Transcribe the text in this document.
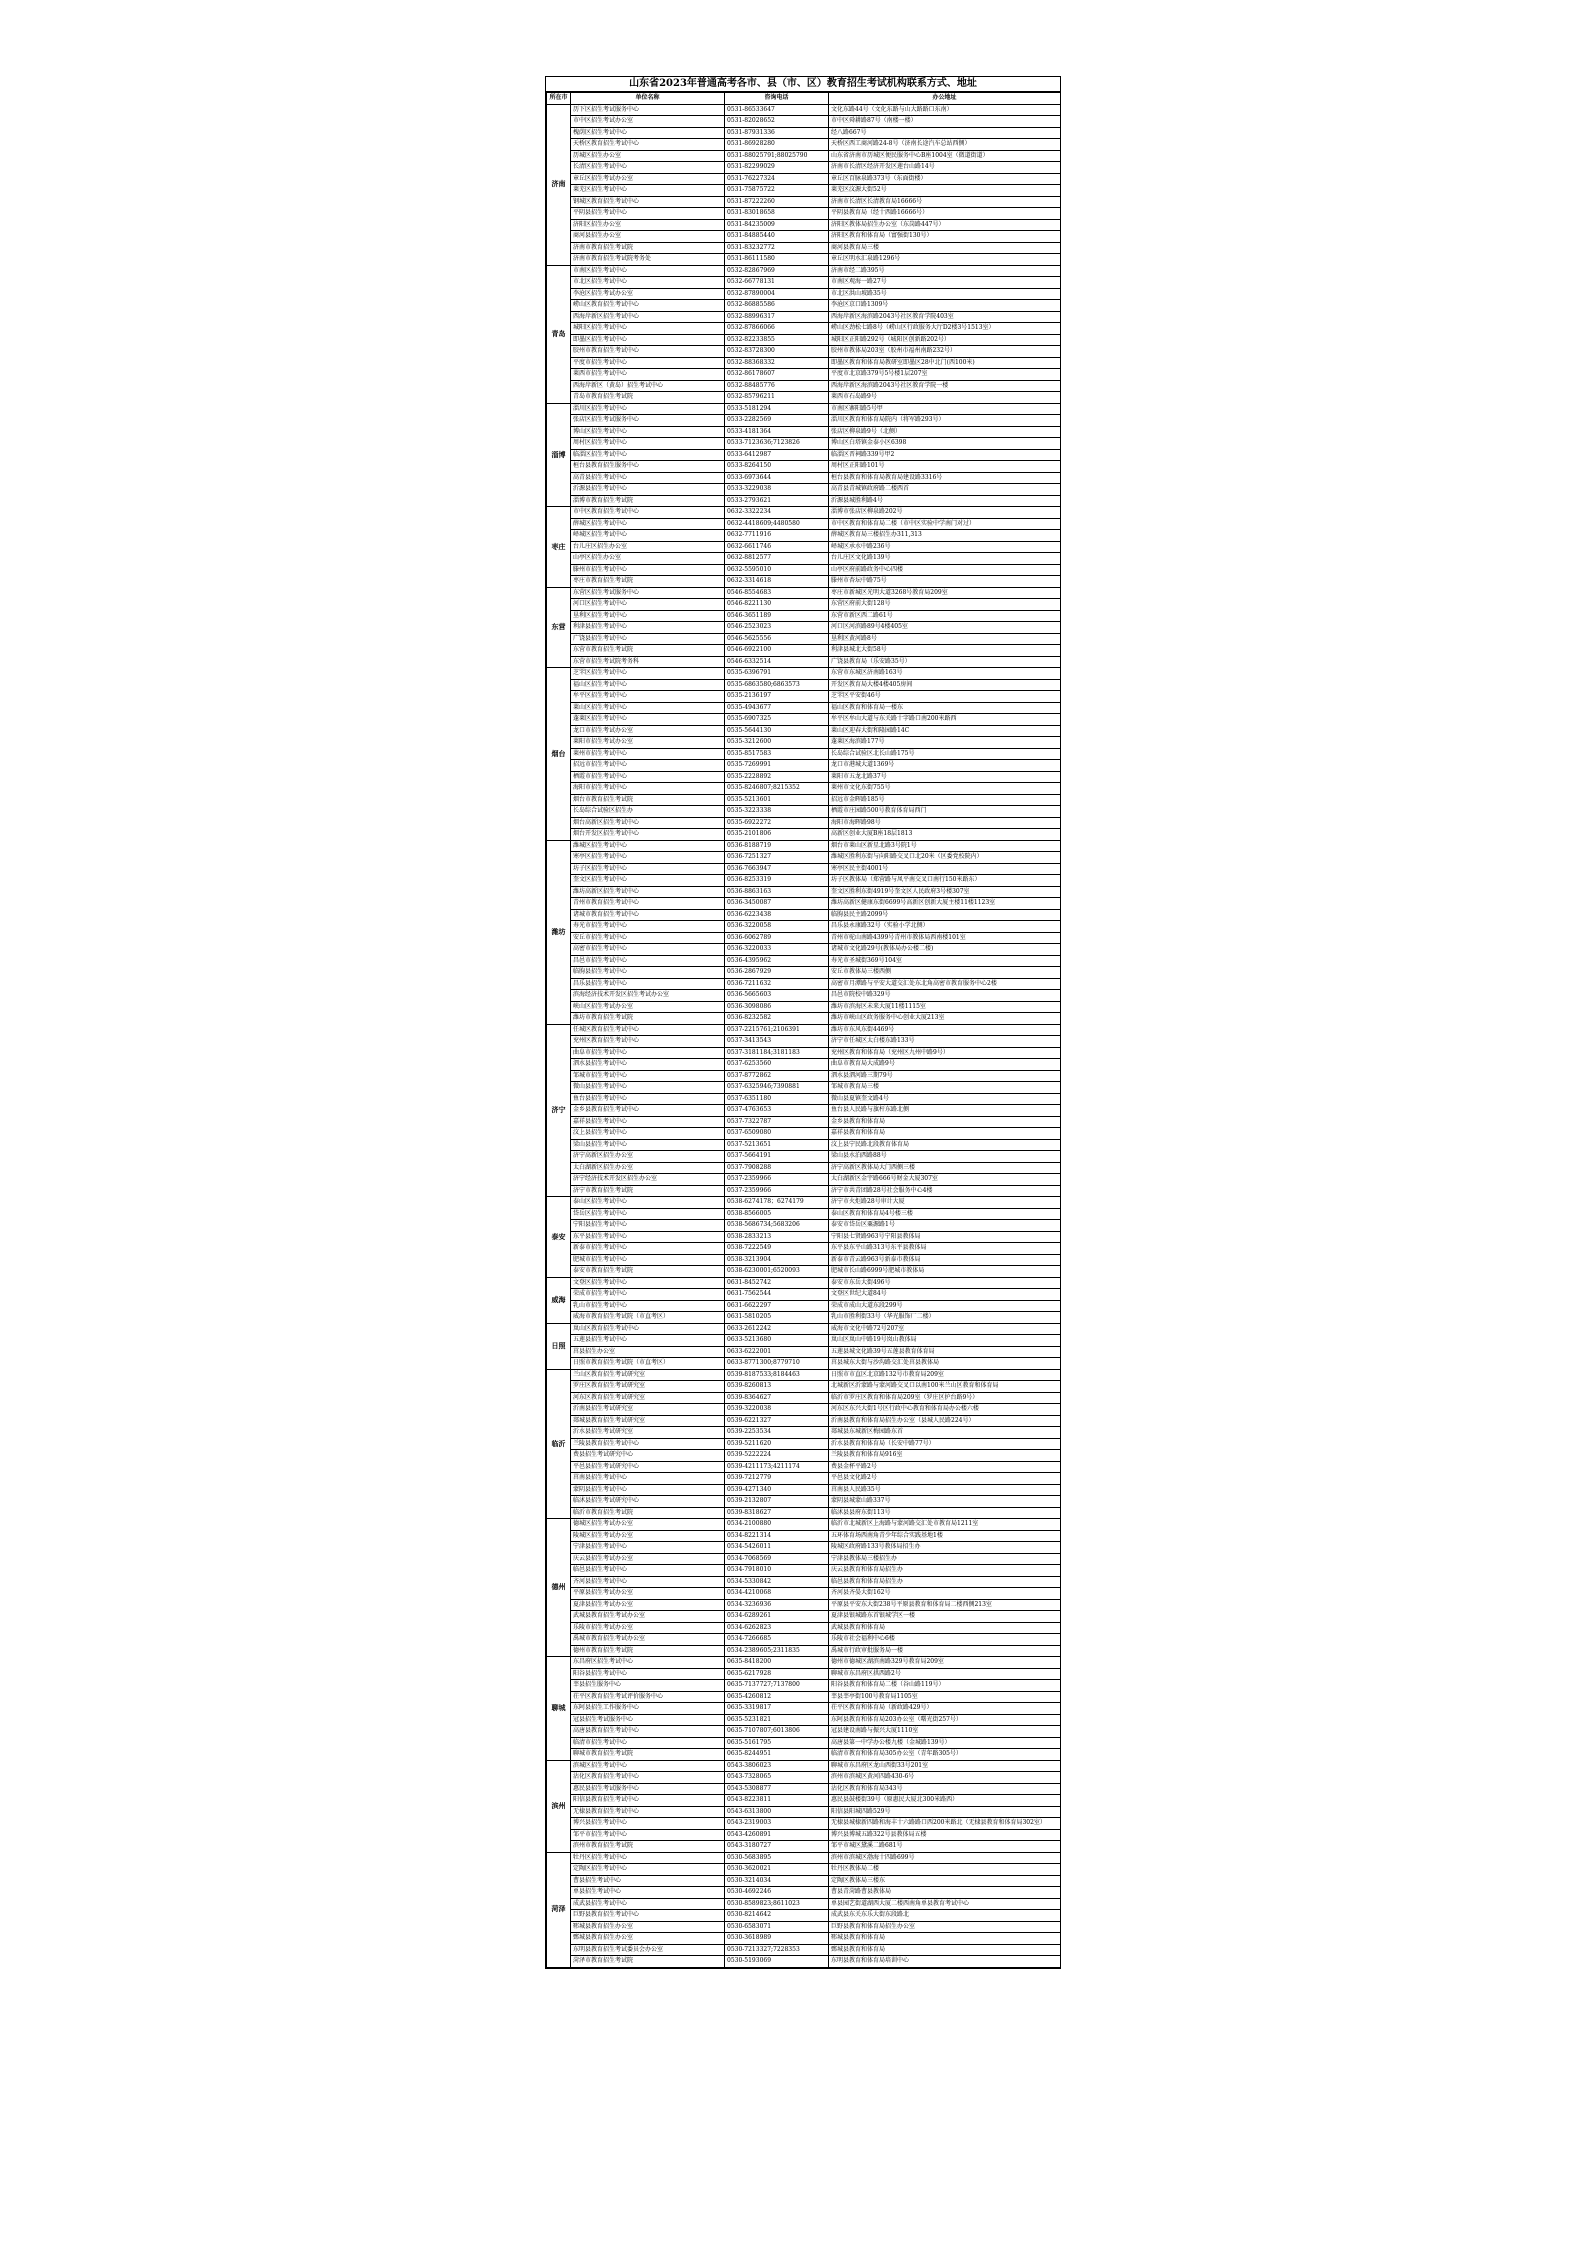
山东省2023年普通高考各市、县（市、区）教育招生考试机构联系方式、地址
所在市	单位名称	咨询电话	办公地址
济南	历下区招生考试服务中心	0531-86533647	文化东路44号（文化东路与山大路路口东南）
	市中区招生考试办公室	0531-82028652	市中区舜耕路87号（南楼一楼）
	槐荫区招生考试中心	0531-87931336	经八路667号
	天桥区教育招生考试中心	0531-86928280	天桥区西工商河路24-8号（济南长途汽车总站西侧）
	历城区招生办公室	0531-88025791;88025790	山东省济南市历城区便民服务中心B座1004室（微道街道）
	长清区招生考试中心	0531-82299029	济南市长清区经济开发区莲台山路14号
	章丘区招生考试办公室	0531-76227324	章丘区百脉泉路373号（东面街楼）
	莱芜区招生考试中心	0531-75875722	莱芜区汶源大街52号
	钢城区教育招生考试中心	0531-87222260	济南市长清区长清教育局16666号
	平阴县招生考试中心	0531-83018658	平阴县教育局（经十西路16666号）
	济阳区招生办公室	0531-84235009	济阳区教体局招生办公室（东岗路447号）
	商河县招生办公室	0531-84885440	济阳区教育和体育局（富强街130号）
	济南市教育招生考试院	0531-83232772	商河县教育局三楼
	济南市教育招生考试院考务处	0531-86111580	章丘区明水汇泉路1296号
青岛	市南区招生考试中心	0532-82867969	济南市经二路395号
	市北区招生考试中心	0532-66778131	市南区观海一路27号
	李沧区招生考试办公室	0532-87890004	市北区洪山坡路35号
	崂山区教育招生考试中心	0532-86885586	李沧区京口路1309号
	西海岸新区招生考试中心	0532-88996317	西海岸新区海滨路2043号社区教育学院403室
	城阳区招生考试中心	0532-87866066	崂山区劲松七路8号（崂山区行政服务大厅D2楼3号1513室）
	即墨区招生考试中心	0532-82233855	城阳区正阳路292号（城阳区创新路202号）
	胶州市教育招生考试中心	0532-83728300	胶州市教体局203室（胶州市福州南路232号）
	平度市招生考试中心	0532-88368332	即墨区教育和体育局教研室即墨区28中北门(西100米)
	莱西市招生考试中心	0532-86178607	平度市北京路379号5号楼1层207室
	西海岸新区（黄岛）招生考试中心	0532-88485776	西海岸新区海滨路2043号社区教育学院一楼
	青岛市教育招生考试院	0532-85796211	莱西市石岛路9号
淄博	淄川区招生考试中心	0533-5181294	市南区寨阳路5号甲
	张店区招生考试服务中心	0533-2282569	淄川区教育和体育局院内（将军路293号）
	博山区招生考试中心	0533-4181364	张店区柳泉路9号（北侧）
	周村区招生考试中心	0533-7123636;7123826	博山区白塔镇金泰小区6398
	临淄区招生考试中心	0533-6412987	临淄区晋祠路339号甲2
	桓台县教育招生服务中心	0533-8264150	周村区正阳路101号
	高青县招生考试中心	0533-6973644	桓台县教育和体育局教育局建设路3316号
	沂源县招生考试中心	0533-3229038	高青县青城镇政府路二楼西首
	淄博市教育招生考试院	0533-2793621	沂源县城胜利路4号
枣庄	市中区教育招生考试中心	0632-3322234	淄博市张店区柳泉路202号
	薛城区招生考试中心	0632-4418609;4480580	市中区教育和体育局二楼（市中区实验中学南门对过）
	峄城区招生考试中心	0632-7711916	薛城区教育局三楼招生办311,313
	台儿庄区招生办公室	0632-6611746	峄城区承水中路236号
	山亭区招生办公室	0632-8812577	台儿庄区文化路139号
	滕州市招生考试中心	0632-5595010	山亭区府前路政务中心四楼
	枣庄市教育招生考试院	0632-3314618	滕州市杏坛中路75号
东营	东营区招生考试服务中心	0546-8554683	枣庄市新城区光明大道3268号教育局209室
	河口区招生考试中心	0546-8221130	东营区府前大街128号
	垦利区招生考试中心	0546-3651189	东营市新区西二路61号
	利津县招生考试中心	0546-2523023	河口区河滨路89号4楼405室
	广饶县招生考试中心	0546-5625556	垦利区黄河路8号
	东营市教育招生考试院	0546-6922100	利津县城北大街58号
	东营市招生考试院考务科	0546-6332514	广饶县教育局（乐安路35号）
烟台	芝罘区招生考试中心	0535-6396791	东营市东城区济南路163号
	福山区招生考试中心	0535-6863580;6863573	开发区教育局大楼4楼405房间
	牟平区招生考试中心	0535-2136197	芝罘区平安街46号
	莱山区招生考试中心	0535-4943677	福山区教育和体育局一楼东
	蓬莱区招生考试中心	0535-6907325	牟平区牟山大道与东关路十字路口南200米路西
	龙口市招生考试办公室	0535-5644130	莱山区迎春大街和隆园路14C
	莱阳市招生考试办公室	0535-3212600	蓬莱区海滨路177号
	莱州市招生考试中心	0535-8517583	长岛综合试验区北长山路175号
	招远市招生考试中心	0535-7269991	龙口市港城大道1369号
	栖霞市招生考试中心	0535-2228892	莱阳市五龙北路37号
	海阳市招生考试中心	0535-8246807;8215352	莱州市文化东街755号
	烟台市教育招生考试院	0535-5213601	招远市金晖路185号
	长岛综合试验区招生办	0535-3223338	栖霞市庄园路500号教育体育局西门
	烟台高新区招生考试中心	0535-6922272	海阳市海晖路98号
	烟台开发区招生考试中心	0535-2101806	高新区创业大厦B座18层1813
潍坊	潍城区招生考试中心	0536-8188719	烟台市莱山区新星北路3号院1号
	寒亭区招生考试中心	0536-7251327	潍城区胜利东街与向阳路交叉口北20米（区委党校院内）
	坊子区招生考试中心	0536-7663947	寒亭区民主街4001号
	奎文区招生考试中心	0536-8253319	坊子区教体局（郑营路与凤平南交叉口南行150米路东）
	潍坊高新区招生考试中心	0536-8863163	奎文区胜利东街4919号奎文区人民政府3号楼307室
	青州市教育招生考试中心	0536-3450087	潍坊高新区健康东街6699号高新区创新大厦主楼11楼1123室
	诸城市教育招生考试中心	0536-6223438	临朐县民主路2099号
	寿光市招生考试中心	0536-3220058	昌乐县永康路32号（实验小学北侧）
	安丘市招生考试中心	0536-6062789	青州市驼山南路4399号青州市教体局西南楼101室
	高密市招生考试中心	0536-3220033	诸城市文化路29号(教体局办公楼二楼)
	昌邑市招生考试中心	0536-4395962	寿光市圣城街369号104室
	临朐县招生考试中心	0536-2867929	安丘市教体局三楼西侧
	昌乐县招生考试中心	0536-7211632	高密市月潭路与平安大道交汇处东北角高密市教育服务中心2楼
	滨海经济技术开发区招生考试办公室	0536-5665603	昌邑市院校中路329号
	峡山区招生考试办公室	0536-3098086	潍坊市滨海区未来大厦11楼1115室
	潍坊市教育招生考试院	0536-8232582	潍坊市峡山区政务服务中心创业大厦213室
济宁	任城区教育招生考试中心	0537-2215761;2106391	潍坊市东风东街4469号
	兖州区教育招生考试中心	0537-3413543	济宁市任城区太白楼东路133号
	曲阜市招生考试中心	0537-3181184;3181183	兖州区教育和体育局（兖州区九州中路9号）
	泗水县招生考试中心	0537-6253560	曲阜市教育局大成路9号
	邹城市招生考试中心	0537-8772862	泗水县泗河路三期79号
	微山县招生考试中心	0537-6325946;7390881	邹城市教育局三楼
	鱼台县招生考试中心	0537-6351180	微山县夏镇奎文路4号
	金乡县教育招生考试中心	0537-4763653	鱼台县人民路与旗杆东路北侧
	嘉祥县招生考试中心	0537-7322787	金乡县教育和体育局
	汶上县招生考试中心	0537-6509080	嘉祥县教育和体育局
	梁山县招生考试中心	0537-5213651	汶上县宁民路北段教育体育局
	济宁高新区招生办公室	0537-5664191	梁山县水泊西路88号
	太白湖新区招生办公室	0537-7908288	济宁高新区教体局大门西侧三楼
	济宁经济技术开发区招生办公室	0537-2359966	太白湖新区金宇路666号财金大厦307室
	济宁市教育招生考试院	0537-2359966	济宁市共青团路28号社会服务中心4楼
泰安	泰山区招生考试中心	0538-6274178；6274179	济宁市火炬路28号审计大厦
	岱岳区招生考试中心	0538-8566005	泰山区教育和体育局4号楼三楼
	宁阳县招生考试中心	0538-5686734;5683206	泰安市岱岳区粟源路1号
	东平县招生考试中心	0538-2833213	宁阳县七贤路963号宁阳县教体局
	新泰市招生考试中心	0538-7222549	东平县东平山路313号东平县教体局
	肥城市招生考试中心	0538-3213904	新泰市青云路963号新泰市教体局
	泰安市教育招生考试院	0538-6230001;6520093	肥城市长山路6999号肥城市教体局
威海	文登区招生考试中心	0631-8452742	泰安市东岳大街496号
	荣成市招生考试中心	0631-7562544	文登区世纪大道84号
	乳山市招生考试中心	0631-6622297	荣成市成山大道东段299号
	威海市教育招生考试院（市直考区）	0631-5810205	乳山市胜利街33号（华光服饰厂二楼）
日照	岚山区教育招生考试中心	0633-2612242	威海市文化中路72号207室
	五莲县招生考试中心	0633-5213680	岚山区岚山中路19号岚山教体局
	莒县招生办公室	0633-6222001	五莲县城文化路39号五莲县教育体育局
	日照市教育招生考试院（市直考区）	0633-8771300;8779710	莒县城东大街与沙沟路交汇处莒县教体局
临沂	兰山区教育招生考试研究室	0539-8187533;8184463	日照市市直区北京路132号市教育局209室
	罗庄区教育招生考试研究室	0539-8260813	北城新区沂蒙路与蒙河路交叉口以南100米兰山区教育和体育局
	河东区教育招生考试研究室	0539-8364627	临沂市罗庄区教育和体育局209室（罗庄区护台路9号）
	沂南县招生考试研究室	0539-3220038	河东区东兴大街1号区行政中心教育和体育局办公楼六楼
	郯城县教育招生考试研究室	0539-6221327	沂南县教育和体育局招生办公室（县城人民路224号）
	沂水县招生考试研究室	0539-2253534	郯城县东城新区梅园路东首
	兰陵县教育招生考试中心	0539-5211620	沂水县教育和体育局（长安中路77号）
	费县招生考试研究中心	0539-5222224	兰陵县教育和体育局916室
	平邑县招生考试研究中心	0539-4211173;4211174	费县金杯平路2号
	莒南县招生考试中心	0539-7212779	平邑县文化路2号
	蒙阴县招生考试中心	0539-4271340	莒南县人民路35号
	临沭县招生考试研究中心	0539-2132807	蒙阴县城蒙山路337号
	临沂市教育招生考试院	0539-8318627	临沭县县府东街113号
德州	德城区招生考试办公室	0534-2100880	临沂市北城新区上海路与蒙河路交汇处市教育局1211室
	陵城区招生考试办公室	0534-8221314	五环体育场西南角青少年综合实践基地1楼
	宁津县招生考试中心	0534-5426011	陵城区政府路133号教体局招生办
	庆云县招生考试办公室	0534-7068569	宁津县教体局三楼招生办
	临邑县招生考试中心	0534-7918010	庆云县教育和体育局招生办
	齐河县招生考试中心	0534-5330842	临邑县教育和体育局招生办
	平原县招生考试办公室	0534-4210068	齐河县齐晏大街162号
	夏津县招生考试办公室	0534-3236936	平原县平安东大街238号平原县教育和体育局二楼西侧213室
	武城县教育招生考试办公室	0534-6289261	夏津县银城路东首银城学区一楼
	乐陵市招生考试办公室	0534-6262823	武城县教育和体育局
	禹城市教育招生考试办公室	0534-7266685	乐陵市社会福利中心6楼
	德州市教育招生考试院	0534-2389605;2311835	禹城市行政审批服务局一楼
聊城	东昌府区招生考试中心	0635-8418200	德州市德城区湖滨南路329号教育局209室
	阳谷县招生考试中心	0635-6217928	聊城市东昌府区拱西路2号
	莘县招生服务中心	0635-7137727;7137800	阳谷县教育和体育局二楼（谷山路119号）
	茌平区教育招生考试评价服务中心	0635-4260812	莘县莘亭街100号教育局1105室
	东阿县招生工作服务中心	0635-3319817	茌平区教育和体育局（新政路429号）
	冠县招生考试服务中心	0635-5231821	东阿县教育和体育局203办公室（曙光街257号）
	高唐县教育招生考试中心	0635-7107807;6013806	冠县建设南路与振兴大厦1110室
	临清市招生考试中心	0635-5161795	高唐县第一中学办公楼九楼（金城路139号）
	聊城市教育招生考试院	0635-8244951	临清市教育和体育局305办公室（青年路305号）
滨州	滨城区招生考试中心	0543-3806023	聊城市东昌府区龙山西街33号201室
	沾化区教育招生考试中心	0543-7328065	滨州市滨城区黄河四路430-6号
	惠民县招生考试服务中心	0543-5308877	沾化区教育和体育局343号
	阳信县教育招生考试中心	0543-8223811	惠民县鼓楼街39号（原惠民大厦北300米路西）
	无棣县教育招生考试中心	0543-6313800	阳信县阳城四路529号
	博兴县招生考试中心	0543-2319003	无棣县城棣新四路和海丰十六路路口西200米路北（无棣县教育和体育局302室）
	邹平市招生考试中心	0543-4260891	博兴县博城五路322号县教体局五楼
	滨州市教育招生考试院	0543-3180727	邹平市城区黛溪二路681号
菏泽	牡丹区招生考试中心	0530-5683895	滨州市滨城区渤海十四路699号
	定陶区招生考试中心	0530-3620021	牡丹区教体局二楼
	曹县招生考试中心	0530-3214034	定陶区教体局三楼东
	单县招生考试中心	0530-4692246	曹县青菏路曹县教体局
	成武县招生考试中心	0530-8589823;8611023	单县园艺街道湖西大厦二楼西南角单县教育考试中心
	巨野县教育招生考试中心	0530-8214642	成武县东关东乐大街东段路北
	郓城县教育招生办公室	0530-6583071	巨野县教育和体育局招生办公室
	鄄城县教育招生办公室	0530-3618989	郓城县教育和体育局
	东明县教育招生考试委员会办公室	0530-7213327;7228353	鄄城县教育和体育局
	菏泽市教育招生考试院	0530-5193069	东明县教育和体育局培训中心
